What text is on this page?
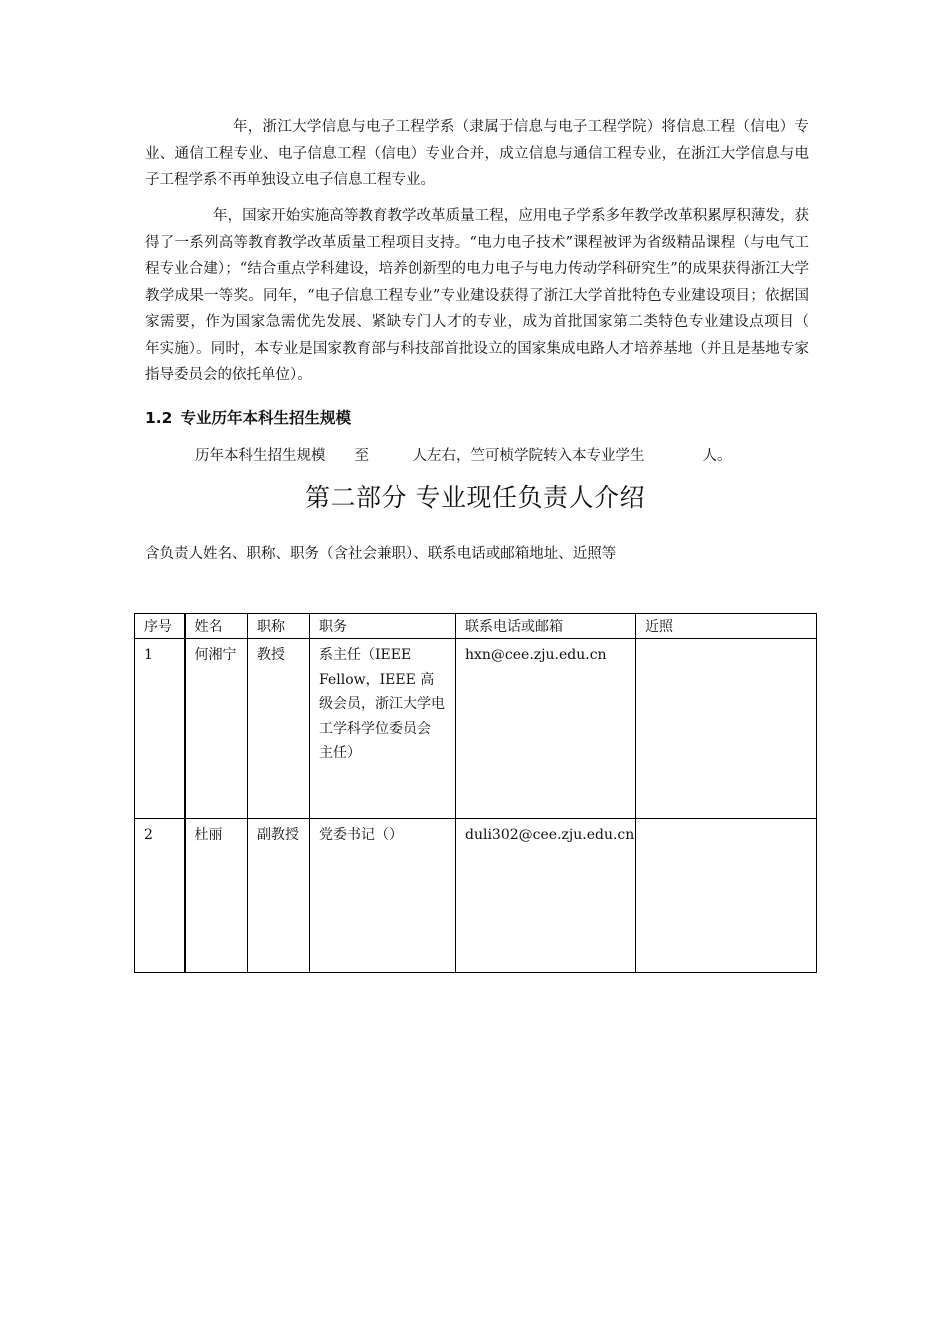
年，浙江大学信息与电子工程学系（隶属于信息与电子工程学院）将信息工程（信电）专业、通信工程专业、电子信息工程（信电）专业合并，成立信息与通信工程专业，在浙江大学信息与电子工程学系不再单独设立电子信息工程专业。

年，国家开始实施高等教育教学改革质量工程，应用电子学系多年教学改革积累厚积薄发，获得了一系列高等教育教学改革质量工程项目支持。“电力电子技术”课程被评为省级精品课程（与电气工程专业合建）；“结合重点学科建设，培养创新型的电力电子与电力传动学科研究生”的成果获得浙江大学教学成果一等奖。同年，“电子信息工程专业”专业建设获得了浙江大学首批特色专业建设项目；依据国家需要，作为国家急需优先发展、紧缺专门人才的专业，成为首批国家第二类特色专业建设点项目（　　年实施）。同时，本专业是国家教育部与科技部首批设立的国家集成电路人才培养基地（并且是基地专家指导委员会的依托单位）。

1.2 专业历年本科生招生规模
历年本科生招生规模　　至　　　人左右，竺可桢学院转入本专业学生　　　　人。
第二部分 专业现任负责人介绍
含负责人姓名、职称、职务（含社会兼职）、联系电话或邮箱地址、近照等
序号	姓名	职称	职务	联系电话或邮箱	近照
1	何湘宁	教授	系主任（IEEE Fellow，IEEE 高级会员，浙江大学电工学科学位委员会 主任）	hxn@cee.zju.edu.cn	
2	杜丽	副教授	党委书记（）	duli302@cee.zju.edu.cn	
